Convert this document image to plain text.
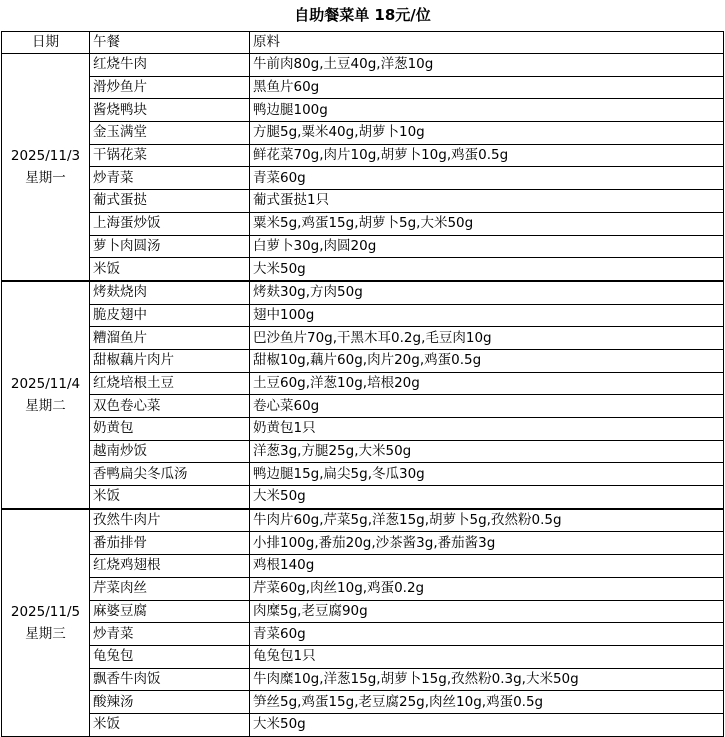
自助餐菜单 18元/位
日期	午餐	原料

2025/11/3
星期一	红烧牛肉	牛前肉80g,土豆40g,洋葱10g
	滑炒鱼片	黑鱼片60g
	酱烧鸭块	鸭边腿100g
	金玉满堂	方腿5g,粟米40g,胡萝卜10g
	干锅花菜	鲜花菜70g,肉片10g,胡萝卜10g,鸡蛋0.5g
	炒青菜	青菜60g
	葡式蛋挞	葡式蛋挞1只
	上海蛋炒饭	粟米5g,鸡蛋15g,胡萝卜5g,大米50g
	萝卜肉圆汤	白萝卜30g,肉圆20g
	米饭	大米50g

2025/11/4
星期二	烤麸烧肉	烤麸30g,方肉50g
	脆皮翅中	翅中100g
	糟溜鱼片	巴沙鱼片70g,干黑木耳0.2g,毛豆肉10g
	甜椒藕片肉片	甜椒10g,藕片60g,肉片20g,鸡蛋0.5g
	红烧培根土豆	土豆60g,洋葱10g,培根20g
	双色卷心菜	卷心菜60g
	奶黄包	奶黄包1只
	越南炒饭	洋葱3g,方腿25g,大米50g
	香鸭扁尖冬瓜汤	鸭边腿15g,扁尖5g,冬瓜30g
	米饭	大米50g

2025/11/5
星期三	孜然牛肉片	牛肉片60g,芹菜5g,洋葱15g,胡萝卜5g,孜然粉0.5g
	番茄排骨	小排100g,番茄20g,沙茶酱3g,番茄酱3g
	红烧鸡翅根	鸡根140g
	芹菜肉丝	芹菜60g,肉丝10g,鸡蛋0.2g
	麻婆豆腐	肉糜5g,老豆腐90g
	炒青菜	青菜60g
	龟兔包	龟兔包1只
	飘香牛肉饭	牛肉糜10g,洋葱15g,胡萝卜15g,孜然粉0.3g,大米50g
	酸辣汤	笋丝5g,鸡蛋15g,老豆腐25g,肉丝10g,鸡蛋0.5g
	米饭	大米50g
